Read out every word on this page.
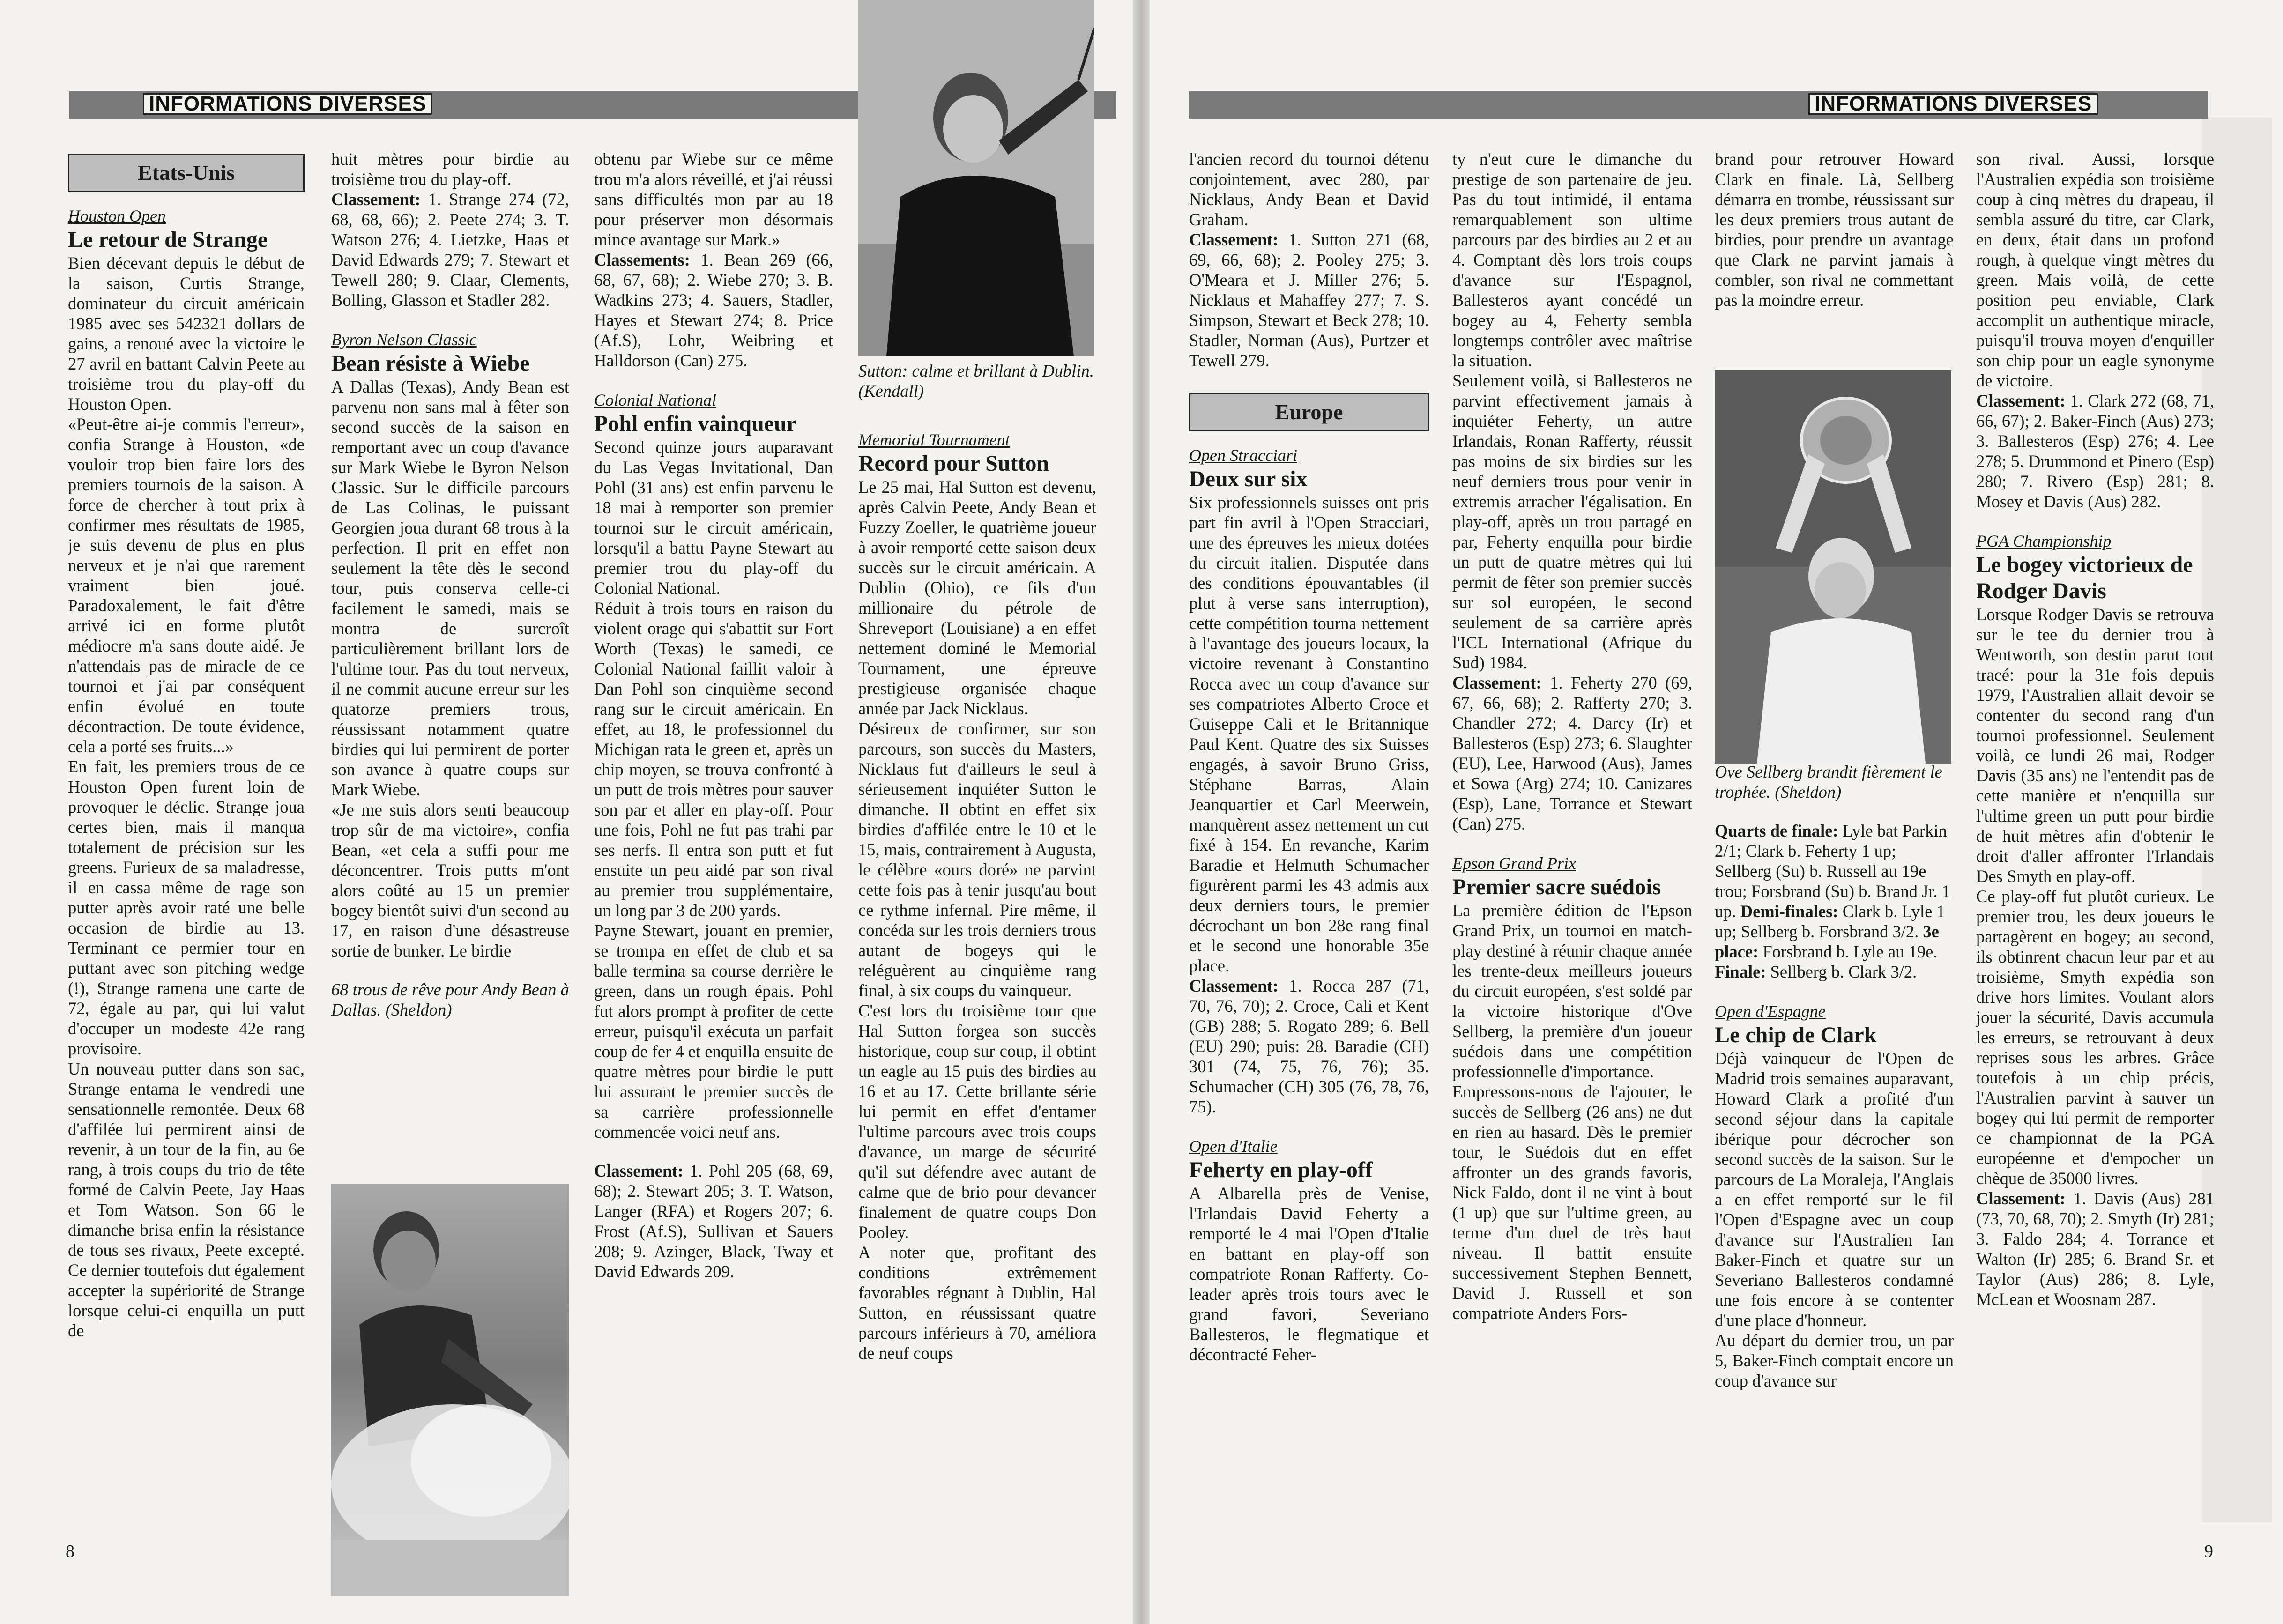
INFORMATIONS DIVERSES	INFORMATIONS DIVERSES
Etats-Unis

Houston Open

Le retour de Strange

Bien décevant depuis le début de la saison, Curtis Strange, dominateur du circuit américain 1985 avec ses 542321 dollars de gains, a renoué avec la victoire le 27 avril en battant Calvin Peete au troisième trou du play-off du Houston Open.

«Peut-être ai-je commis l'erreur», confia Strange à Houston, «de vouloir trop bien faire lors des premiers tournois de la saison. A force de chercher à tout prix à confirmer mes résultats de 1985, je suis devenu de plus en plus nerveux et je n'ai que rarement vraiment bien joué. Paradoxalement, le fait d'être arrivé ici en forme plutôt médiocre m'a sans doute aidé. Je n'attendais pas de miracle de ce tournoi et j'ai par conséquent enfin évolué en toute décontraction. De toute évidence, cela a porté ses fruits...»

En fait, les premiers trous de ce Houston Open furent loin de provoquer le déclic. Strange joua certes bien, mais il manqua totalement de précision sur les greens. Furieux de sa maladresse, il en cassa même de rage son putter après avoir raté une belle occasion de birdie au 13. Terminant ce permier tour en puttant avec son pitching wedge (!), Strange ramena une carte de 72, égale au par, qui lui valut d'occuper un modeste 42e rang provisoire.

Un nouveau putter dans son sac, Strange entama le vendredi une sensationnelle remontée. Deux 68 d'affilée lui permirent ainsi de revenir, à un tour de la fin, au 6e rang, à trois coups du trio de tête formé de Calvin Peete, Jay Haas et Tom Watson. Son 66 le dimanche brisa enfin la résistance de tous ses rivaux, Peete excepté. Ce dernier toutefois dut également accepter la supériorité de Strange lorsque celui-ci enquilla un putt de

huit mètres pour birdie au troisième trou du play-off.

Classement: 1. Strange 274 (72, 68, 68, 66); 2. Peete 274; 3. T. Watson 276; 4. Lietzke, Haas et David Edwards 279; 7. Stewart et Tewell 280; 9. Claar, Clements, Bolling, Glasson et Stadler 282.

Byron Nelson Classic

Bean résiste à Wiebe

A Dallas (Texas), Andy Bean est parvenu non sans mal à fêter son second succès de la saison en remportant avec un coup d'avance sur Mark Wiebe le Byron Nelson Classic. Sur le difficile parcours de Las Colinas, le puissant Georgien joua durant 68 trous à la perfection. Il prit en effet non seulement la tête dès le second tour, puis conserva celle-ci facilement le samedi, mais se montra de surcroît particulièrement brillant lors de l'ultime tour. Pas du tout nerveux, il ne commit aucune erreur sur les quatorze premiers trous, réussissant notamment quatre birdies qui lui permirent de porter son avance à quatre coups sur Mark Wiebe.

«Je me suis alors senti beaucoup trop sûr de ma victoire», confia Bean, «et cela a suffi pour me déconcentrer. Trois putts m'ont alors coûté au 15 un premier bogey bientôt suivi d'un second au 17, en raison d'une désastreuse sortie de bunker. Le birdie

68 trous de rêve pour Andy Bean à Dallas. (Sheldon)

obtenu par Wiebe sur ce même trou m'a alors réveillé, et j'ai réussi sans difficultés mon par au 18 pour préserver mon désormais mince avantage sur Mark.»

Classements: 1. Bean 269 (66, 68, 67, 68); 2. Wiebe 270; 3. B. Wadkins 273; 4. Sauers, Stadler, Hayes et Stewart 274; 8. Price (Af.S), Lohr, Weibring et Halldorson (Can) 275.

Colonial National

Pohl enfin vainqueur

Second quinze jours auparavant du Las Vegas Invitational, Dan Pohl (31 ans) est enfin parvenu le 18 mai à remporter son premier tournoi sur le circuit américain, lorsqu'il a battu Payne Stewart au premier trou du play-off du Colonial National.

Réduit à trois tours en raison du violent orage qui s'abattit sur Fort Worth (Texas) le samedi, ce Colonial National faillit valoir à Dan Pohl son cinquième second rang sur le circuit américain. En effet, au 18, le professionnel du Michigan rata le green et, après un chip moyen, se trouva confronté à un putt de trois mètres pour sauver son par et aller en play-off. Pour une fois, Pohl ne fut pas trahi par ses nerfs. Il entra son putt et fut ensuite un peu aidé par son rival au premier trou supplémentaire, un long par 3 de 200 yards.

Payne Stewart, jouant en premier, se trompa en effet de club et sa balle termina sa course derrière le green, dans un rough épais. Pohl fut alors prompt à profiter de cette erreur, puisqu'il exécuta un parfait coup de fer 4 et enquilla ensuite de quatre mètres pour birdie le putt lui assurant le premier succès de sa carrière professionnelle commencée voici neuf ans.

Classement: 1. Pohl 205 (68, 69, 68); 2. Stewart 205; 3. T. Watson, Langer (RFA) et Rogers 207; 6. Frost (Af.S), Sullivan et Sauers 208; 9. Azinger, Black, Tway et David Edwards 209.

Sutton: calme et brillant à Dublin. (Kendall)

Memorial Tournament

Record pour Sutton

Le 25 mai, Hal Sutton est devenu, après Calvin Peete, Andy Bean et Fuzzy Zoeller, le quatrième joueur à avoir remporté cette saison deux succès sur le circuit américain. A Dublin (Ohio), ce fils d'un millionaire du pétrole de Shreveport (Louisiane) a en effet nettement dominé le Memorial Tournament, une épreuve prestigieuse organisée chaque année par Jack Nicklaus.

Désireux de confirmer, sur son parcours, son succès du Masters, Nicklaus fut d'ailleurs le seul à sérieusement inquiéter Sutton le dimanche. Il obtint en effet six birdies d'affilée entre le 10 et le 15, mais, contrairement à Augusta, le célèbre «ours doré» ne parvint cette fois pas à tenir jusqu'au bout ce rythme infernal. Pire même, il concéda sur les trois derniers trous autant de bogeys qui le reléguèrent au cinquième rang final, à six coups du vainqueur.

C'est lors du troisième tour que Hal Sutton forgea son succès historique, coup sur coup, il obtint un eagle au 15 puis des birdies au 16 et au 17. Cette brillante série lui permit en effet d'entamer l'ultime parcours avec trois coups d'avance, un marge de sécurité qu'il sut défendre avec autant de calme que de brio pour devancer finalement de quatre coups Don Pooley.

A noter que, profitant des conditions extrêmement favorables régnant à Dublin, Hal Sutton, en réussissant quatre parcours inférieurs à 70, améliora de neuf coups

8

l'ancien record du tournoi détenu conjointement, avec 280, par Nicklaus, Andy Bean et David Graham.

Classement: 1. Sutton 271 (68, 69, 66, 68); 2. Pooley 275; 3. O'Meara et J. Miller 276; 5. Nicklaus et Mahaffey 277; 7. S. Simpson, Stewart et Beck 278; 10. Stadler, Norman (Aus), Purtzer et Tewell 279.

Europe

Open Stracciari

Deux sur six

Six professionnels suisses ont pris part fin avril à l'Open Stracciari, une des épreuves les mieux dotées du circuit italien. Disputée dans des conditions épouvantables (il plut à verse sans interruption), cette compétition tourna nettement à l'avantage des joueurs locaux, la victoire revenant à Constantino Rocca avec un coup d'avance sur ses compatriotes Alberto Croce et Guiseppe Cali et le Britannique Paul Kent. Quatre des six Suisses engagés, à savoir Bruno Griss, Stéphane Barras, Alain Jeanquartier et Carl Meerwein, manquèrent assez nettement un cut fixé à 154. En revanche, Karim Baradie et Helmuth Schumacher figurèrent parmi les 43 admis aux deux derniers tours, le premier décrochant un bon 28e rang final et le second une honorable 35e place.

Classement: 1. Rocca 287 (71, 70, 76, 70); 2. Croce, Cali et Kent (GB) 288; 5. Rogato 289; 6. Bell (EU) 290; puis: 28. Baradie (CH) 301 (74, 75, 76, 76); 35. Schumacher (CH) 305 (76, 78, 76, 75).

Open d'Italie

Feherty en play-off

A Albarella près de Venise, l'Irlandais David Feherty a remporté le 4 mai l'Open d'Italie en battant en play-off son compatriote Ronan Rafferty. Co-leader après trois tours avec le grand favori, Severiano Ballesteros, le flegmatique et décontracté Feher-

ty n'eut cure le dimanche du prestige de son partenaire de jeu. Pas du tout intimidé, il entama remarquablement son ultime parcours par des birdies au 2 et au 4. Comptant dès lors trois coups d'avance sur l'Espagnol, Ballesteros ayant concédé un bogey au 4, Feherty sembla longtemps contrôler avec maîtrise la situation.

Seulement voilà, si Ballesteros ne parvint effectivement jamais à inquiéter Feherty, un autre Irlandais, Ronan Rafferty, réussit pas moins de six birdies sur les neuf derniers trous pour venir in extremis arracher l'égalisation. En play-off, après un trou partagé en par, Feherty enquilla pour birdie un putt de quatre mètres qui lui permit de fêter son premier succès sur sol européen, le second seulement de sa carrière après l'ICL International (Afrique du Sud) 1984.

Classement: 1. Feherty 270 (69, 67, 66, 68); 2. Rafferty 270; 3. Chandler 272; 4. Darcy (Ir) et Ballesteros (Esp) 273; 6. Slaughter (EU), Lee, Harwood (Aus), James et Sowa (Arg) 274; 10. Canizares (Esp), Lane, Torrance et Stewart (Can) 275.

Epson Grand Prix

Premier sacre suédois

La première édition de l'Epson Grand Prix, un tournoi en match-play destiné à réunir chaque année les trente-deux meilleurs joueurs du circuit européen, s'est soldé par la victoire historique d'Ove Sellberg, la première d'un joueur suédois dans une compétition professionnelle d'importance.

Empressons-nous de l'ajouter, le succès de Sellberg (26 ans) ne dut en rien au hasard. Dès le premier tour, le Suédois dut en effet affronter un des grands favoris, Nick Faldo, dont il ne vint à bout (1 up) que sur l'ultime green, au terme d'un duel de très haut niveau. Il battit ensuite successivement Stephen Bennett, David J. Russell et son compatriote Anders Fors-

brand pour retrouver Howard Clark en finale. Là, Sellberg démarra en trombe, réussissant sur les deux premiers trous autant de birdies, pour prendre un avantage que Clark ne parvint jamais à combler, son rival ne commettant pas la moindre erreur.

Ove Sellberg brandit fièrement le trophée. (Sheldon)

Quarts de finale: Lyle bat Parkin 2/1; Clark b. Feherty 1 up; Sellberg (Su) b. Russell au 19e trou; Forsbrand (Su) b. Brand Jr. 1 up. Demi-finales: Clark b. Lyle 1 up; Sellberg b. Forsbrand 3/2. 3e place: Forsbrand b. Lyle au 19e. Finale: Sellberg b. Clark 3/2.

Open d'Espagne

Le chip de Clark

Déjà vainqueur de l'Open de Madrid trois semaines auparavant, Howard Clark a profité d'un second séjour dans la capitale ibérique pour décrocher son second succès de la saison. Sur le parcours de La Moraleja, l'Anglais a en effet remporté sur le fil l'Open d'Espagne avec un coup d'avance sur l'Australien Ian Baker-Finch et quatre sur un Severiano Ballesteros condamné une fois encore à se contenter d'une place d'honneur.

Au départ du dernier trou, un par 5, Baker-Finch comptait encore un coup d'avance sur

son rival. Aussi, lorsque l'Australien expédia son troisième coup à cinq mètres du drapeau, il sembla assuré du titre, car Clark, en deux, était dans un profond rough, à quelque vingt mètres du green. Mais voilà, de cette position peu enviable, Clark accomplit un authentique miracle, puisqu'il trouva moyen d'enquiller son chip pour un eagle synonyme de victoire.

Classement: 1. Clark 272 (68, 71, 66, 67); 2. Baker-Finch (Aus) 273; 3. Ballesteros (Esp) 276; 4. Lee 278; 5. Drummond et Pinero (Esp) 280; 7. Rivero (Esp) 281; 8. Mosey et Davis (Aus) 282.

PGA Championship

Le bogey victorieux de Rodger Davis

Lorsque Rodger Davis se retrouva sur le tee du dernier trou à Wentworth, son destin parut tout tracé: pour la 31e fois depuis 1979, l'Australien allait devoir se contenter du second rang d'un tournoi professionnel. Seulement voilà, ce lundi 26 mai, Rodger Davis (35 ans) ne l'entendit pas de cette manière et n'enquilla sur l'ultime green un putt pour birdie de huit mètres afin d'obtenir le droit d'aller affronter l'Irlandais Des Smyth en play-off.

Ce play-off fut plutôt curieux. Le premier trou, les deux joueurs le partagèrent en bogey; au second, ils obtinrent chacun leur par et au troisième, Smyth expédia son drive hors limites. Voulant alors jouer la sécurité, Davis accumula les erreurs, se retrouvant à deux reprises sous les arbres. Grâce toutefois à un chip précis, l'Australien parvint à sauver un bogey qui lui permit de remporter ce championnat de la PGA européenne et d'empocher un chèque de 35000 livres.

Classement: 1. Davis (Aus) 281 (73, 70, 68, 70); 2. Smyth (Ir) 281; 3. Faldo 284; 4. Torrance et Walton (Ir) 285; 6. Brand Sr. et Taylor (Aus) 286; 8. Lyle, McLean et Woosnam 287.

9
